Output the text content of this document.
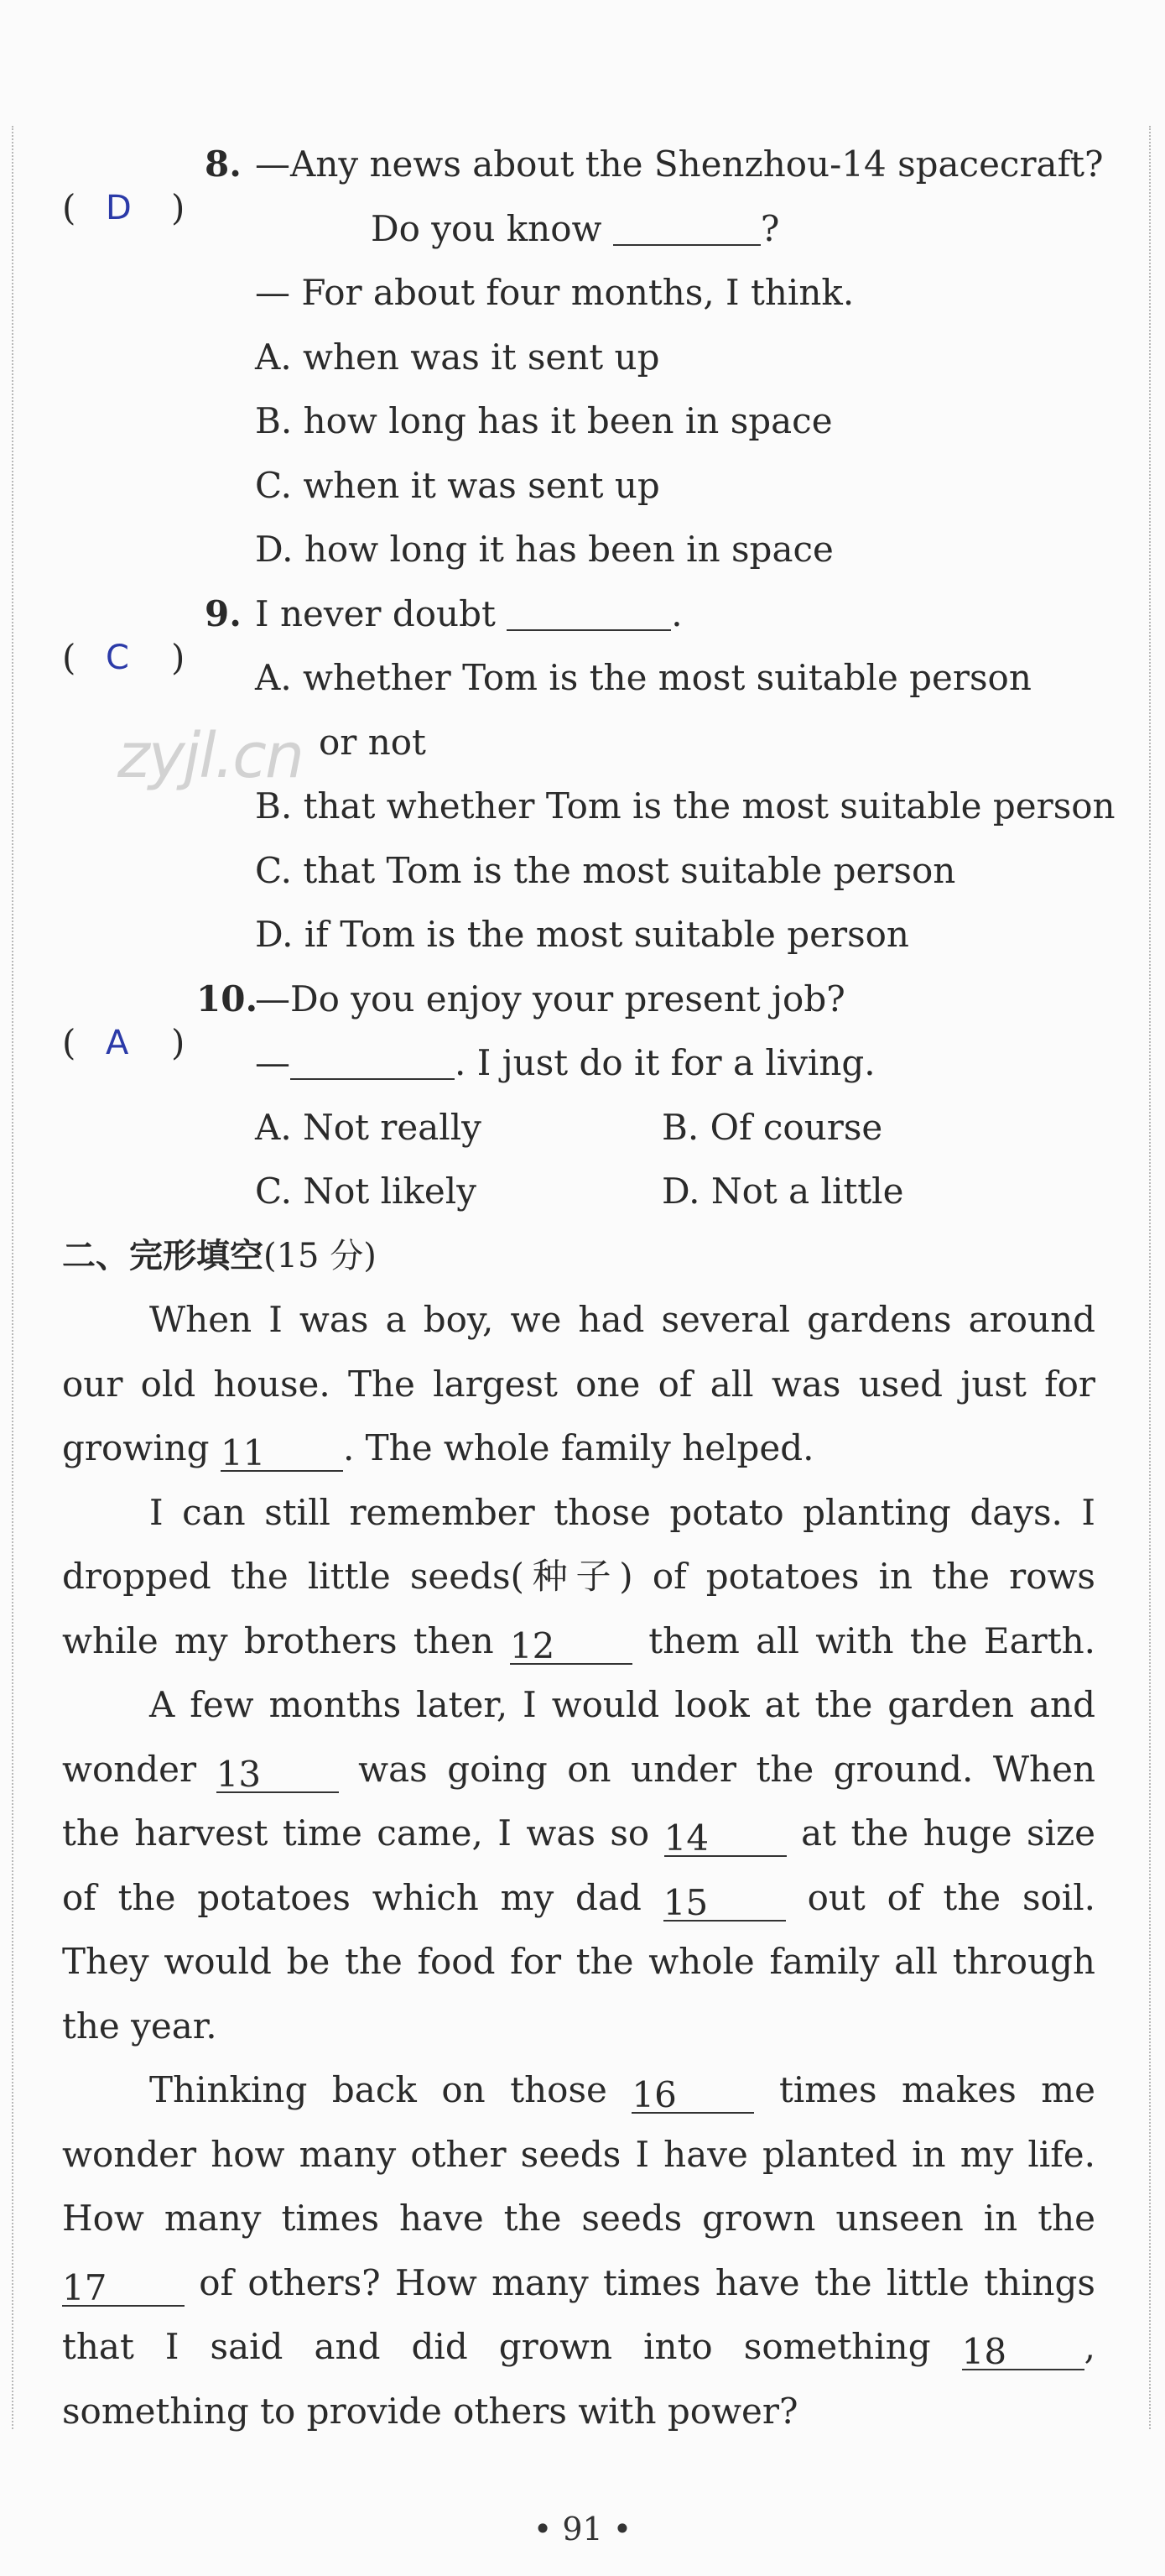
zyjl.cn
( D )
8. —Any news about the Shenzhou-14 spacecraft?
Do you know	?
— For about four months, I think.
A. when was it sent up
B. how long has it been in space
C. when it was sent up
D. how long it has been in space
( C )
9. I never doubt	.
A. whether Tom is the most suitable person
or not
B. that whether Tom is the most suitable person
C. that Tom is the most suitable person
D. if Tom is the most suitable person
( A )
10.—Do you enjoy your present job?
—	. I just do it for a living.
A. Not really	B. Of course
C. Not likely	D. Not a little
二、完形填空(15 分)
When I was a boy, we had several gardens around
our old house. The largest one of all was used just for
growing 11 . The whole family helped.
I can still remember those potato planting days. I
dropped the little seeds(种子) of potatoes in the rows
while my brothers then 12	them all with the Earth.
A few months later, I would look at the garden and
wonder 13	was going on under the ground. When
the harvest time came, I was so 14	at the huge size
of the potatoes which my dad 15	out of the soil.
They would be the food for the whole family all through
the year.
Thinking back on those 16	times makes me
wonder how many other seeds I have planted in my life.
How many times have the seeds grown unseen in the
17	of others? How many times have the little things
that I said and did grown into something 18 ,
something to provide others with power?
• 91 •
